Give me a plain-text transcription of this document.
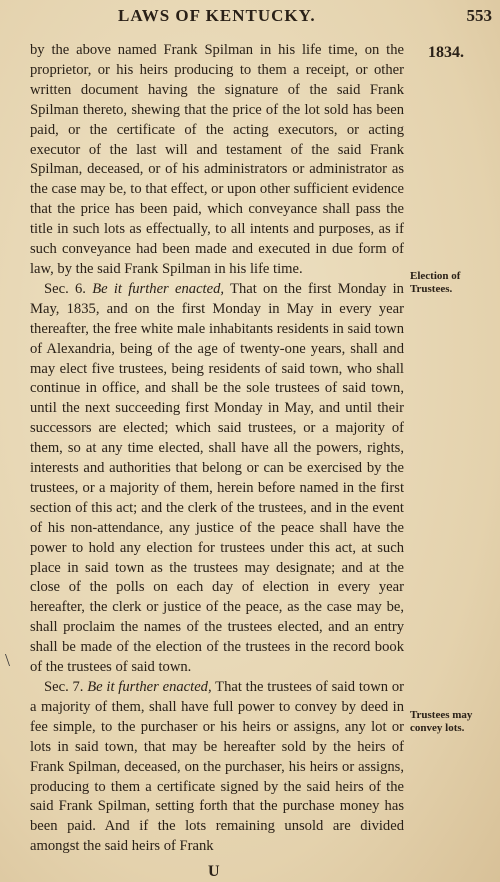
LAWS OF KENTUCKY.	553
1834.

by the above named Frank Spilman in his life time, on the proprietor, or his heirs producing to them a receipt, or other written document having the signature of the said Frank Spilman thereto, shewing that the price of the lot sold has been paid, or the certificate of the acting executors, or acting executor of the last will and testament of the said Frank Spilman, deceased, or of his administrators or administrator as the case may be, to that effect, or upon other sufficient evidence that the price has been paid, which conveyance shall pass the title in such lots as effectually, to all intents and purposes, as if such conveyance had been made and executed in due form of law, by the said Frank Spilman in his life time.

Sec. 6. Be it further enacted, That on the first Monday in May, 1835, and on the first Monday in May in every year thereafter, the free white male inhabitants residents in said town of Alexandria, being of the age of twenty-one years, shall and may elect five trustees, being residents of said town, who shall continue in office, and shall be the sole trustees of said town, until the next succeeding first Monday in May, and until their successors are elected; which said trustees, or a majority of them, so at any time elected, shall have all the powers, rights, interests and authorities that belong or can be exercised by the trustees, or a majority of them, herein before named in the first section of this act; and the clerk of the trustees, and in the event of his non-attendance, any justice of the peace shall have the power to hold any election for trustees under this act, at such place in said town as the trustees may designate; and at the close of the polls on each day of election in every year hereafter, the clerk or justice of the peace, as the case may be, shall proclaim the names of the trustees elected, and an entry shall be made of the election of the trustees in the record book of the trustees of said town.

Sec. 7. Be it further enacted, That the trustees of said town or a majority of them, shall have full power to convey by deed in fee simple, to the purchaser or his heirs or assigns, any lot or lots in said town, that may be hereafter sold by the heirs of Frank Spilman, deceased, on the purchaser, his heirs or assigns, producing to them a certificate signed by the said heirs of the said Frank Spilman, setting forth that the purchase money has been paid. And if the lots remaining unsold are divided amongst the said heirs of Frank

Election of Trustees.
Trustees may convey lots.
\
U
